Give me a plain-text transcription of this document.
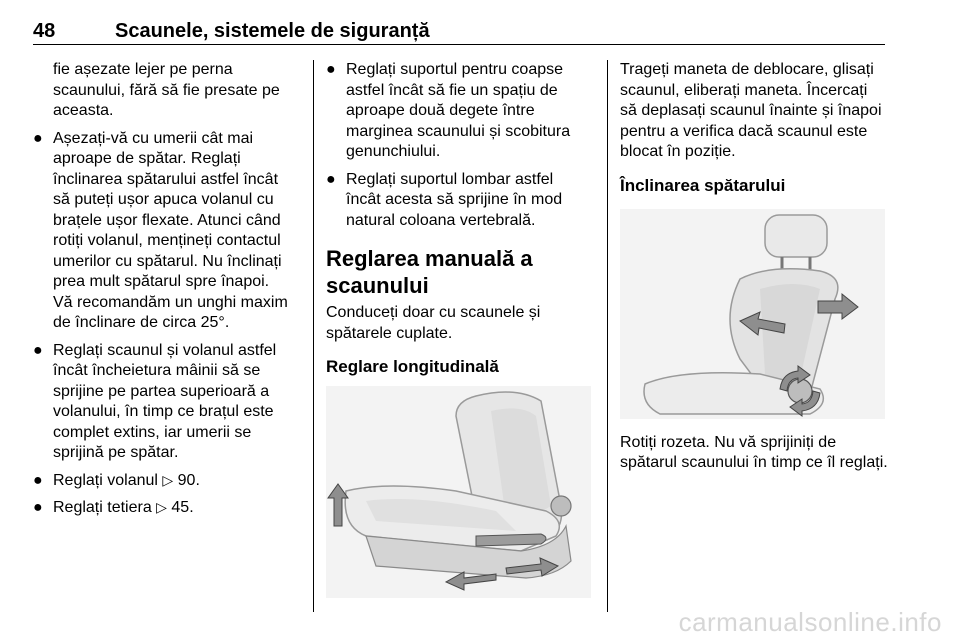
48	Scaunele, sistemele de siguranță

fie așezate lejer pe perna
scaunului, fără să fie presate pe
aceasta.

● Așezați-vă cu umerii cât mai
aproape de spătar. Reglați
înclinarea spătarului astfel încât
să puteți ușor apuca volanul cu
brațele ușor flexate. Atunci când
rotiți volanul, mențineți contactul
umerilor cu spătarul. Nu înclinați
prea mult spătarul spre înapoi.
Vă recomandăm un unghi maxim
de înclinare de circa 25°.
● Reglați scaunul și volanul astfel
încât încheietura mâinii să se
sprijine pe partea superioară a
volanului, în timp ce brațul este
complet extins, iar umerii se
sprijină pe spătar.
● Reglați volanul ▷ 90.
● Reglați tetiera ▷ 45.
● Reglați suportul pentru coapse
astfel încât să fie un spațiu de
aproape două degete între
marginea scaunului și scobitura
genunchiului.
● Reglați suportul lombar astfel
încât acesta să sprijine în mod
natural coloana vertebrală.
Reglarea manuală a
scaunului

Conduceți doar cu scaunele și
spătarele cuplate.

Reglare longitudinală

Trageți maneta de deblocare, glisați
scaunul, eliberați maneta. Încercați
să deplasați scaunul înainte și înapoi
pentru a verifica dacă scaunul este
blocat în poziție.

Înclinarea spătarului

Rotiți rozeta. Nu vă sprijiniți de
spătarul scaunului în timp ce îl reglați.

carmanualsonline.info
